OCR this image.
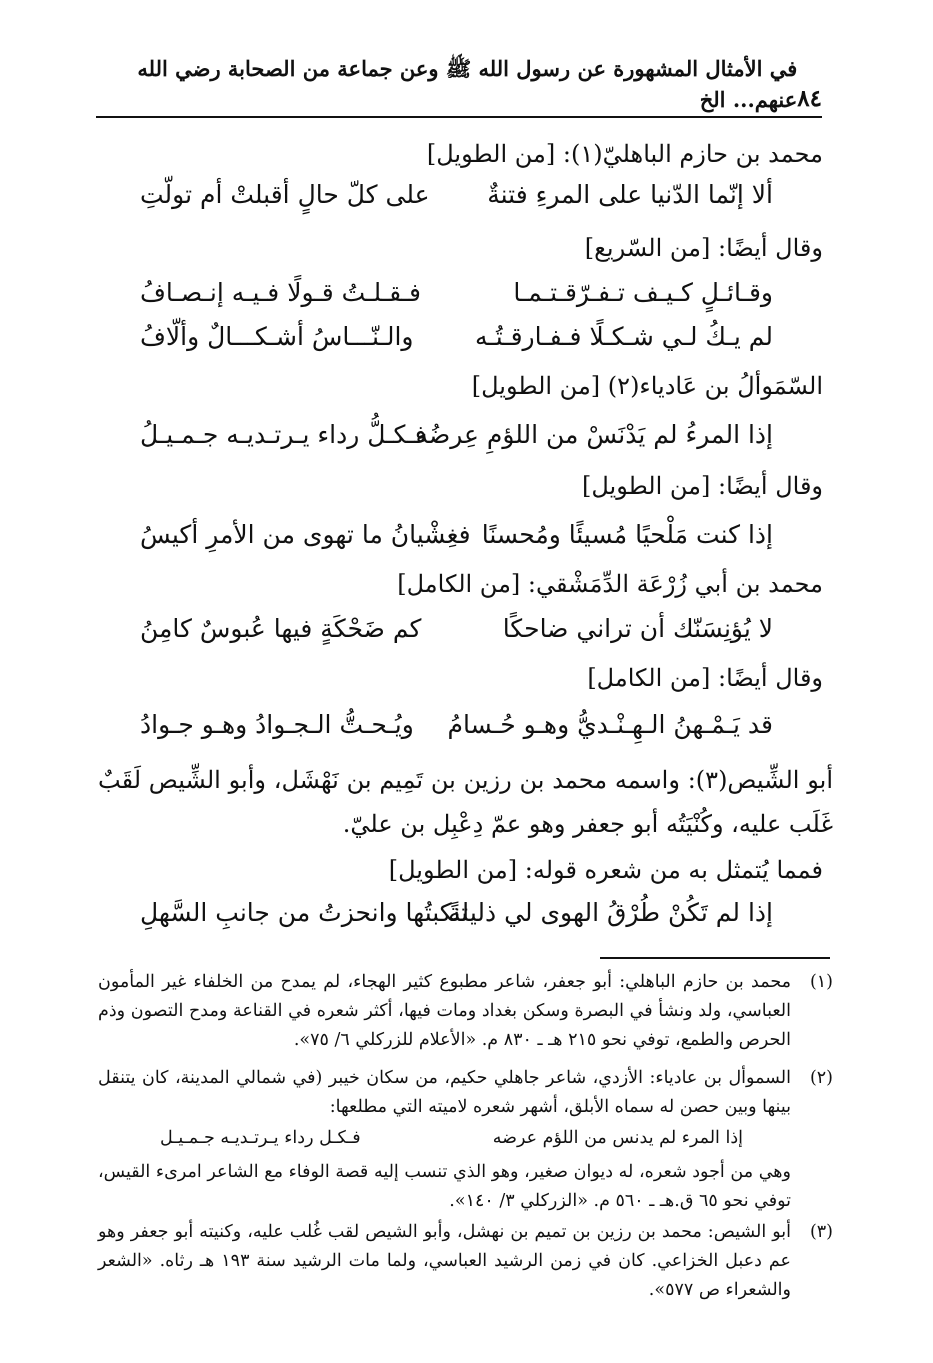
٨٤
في الأمثال المشهورة عن رسول الله ﷺ وعن جماعة من الصحابة رضي الله عنهم... الخ
محمد بن حازم الباهليّ(١): [من الطويل]
ألا إنّما الدّنيا على المرءِ فتنةٌ
على كلّ حالٍ أقبلتْ أم تولّتِ
وقال أيضًا: [من السّريع]
وقـائـلٍ كـيـف تـفـرّقـتـمـا
فـقـلـتُ قـولًا فـيـه إنـصـافُ
لم يـكُ لـي شـكـلًا فـفـارقـتُـه
والـنّـــاسُ أشـكـــالٌ وألّافُ
السّمَوألُ بن عَادياء(٢) [من الطويل]
إذا المرءُ لم يَدْنَسْ من اللؤمِ عِرضُه
فـكـلُّ رداء يـرتـديـه جـمـيـلُ
وقال أيضًا: [من الطويل]
إذا كنت مَلْحيًا مُسيئًا ومُحسنًا
فغِشْيانُ ما تهوى من الأمرِ أكيسُ
محمد بن أبي زُرْعَة الدِّمَشْقي: [من الكامل]
لا يُؤنِسَنّك أن تراني ضاحكًا
كم ضَحْكَةٍ فيها عُبوسٌ كامِنُ
وقال أيضًا: [من الكامل]
قد يَـمْـهنُ الـهِـنْـديُّ وهـو حُـسامُ
ويُـحـتُّ الـجـوادُ وهـو جـوادُ
أبو الشِّيص(٣): واسمه محمد بن رزين بن تَمِيم بن نَهْشَل، وأبو الشِّيص لَقَبٌ غَلَب عليه، وكُنْيَتُه أبو جعفر وهو عمّ دِعْبِل بن عليّ.
فمما يُتمثل به من شعره قوله: [من الطويل]
إذا لم تَكُنْ طُرْقُ الهوى لي ذليلةً
تنكبتُها وانحزتُ من جانبِ السَّهلِ
(١)
محمد بن حازم الباهلي: أبو جعفر، شاعر مطبوع كثير الهجاء، لم يمدح من الخلفاء غير المأمون العباسي، ولد ونشأ في البصرة وسكن بغداد ومات فيها، أكثر شعره في القناعة ومدح التصون وذم الحرص والطمع، توفي نحو ٢١٥ هـ ـ ٨٣٠ م. «الأعلام للزركلي ٦/ ٧٥».
(٢)
السموأل بن عادياء: الأزدي، شاعر جاهلي حكيم، من سكان خيبر (في شمالي المدينة، كان يتنقل بينها وبين حصن له سماه الأبلق، أشهر شعره لاميته التي مطلعها:
إذا المرء لم يدنس من اللؤم عرضه
فـكـل رداء يـرتـديـه جـمـيـل
وهي من أجود شعره، له ديوان صغير، وهو الذي تنسب إليه قصة الوفاء مع الشاعر امرىء القيس، توفي نحو ٦٥ ق.هـ ـ ٥٦٠ م. «الزركلي ٣/ ١٤٠».
(٣)
أبو الشيص: محمد بن رزين بن تميم بن نهشل، وأبو الشيص لقب غُلب عليه، وكنيته أبو جعفر وهو عم دعبل الخزاعي. كان في زمن الرشيد العباسي، ولما مات الرشيد سنة ١٩٣ هـ رثاه. «الشعر والشعراء ص ٥٧٧».
